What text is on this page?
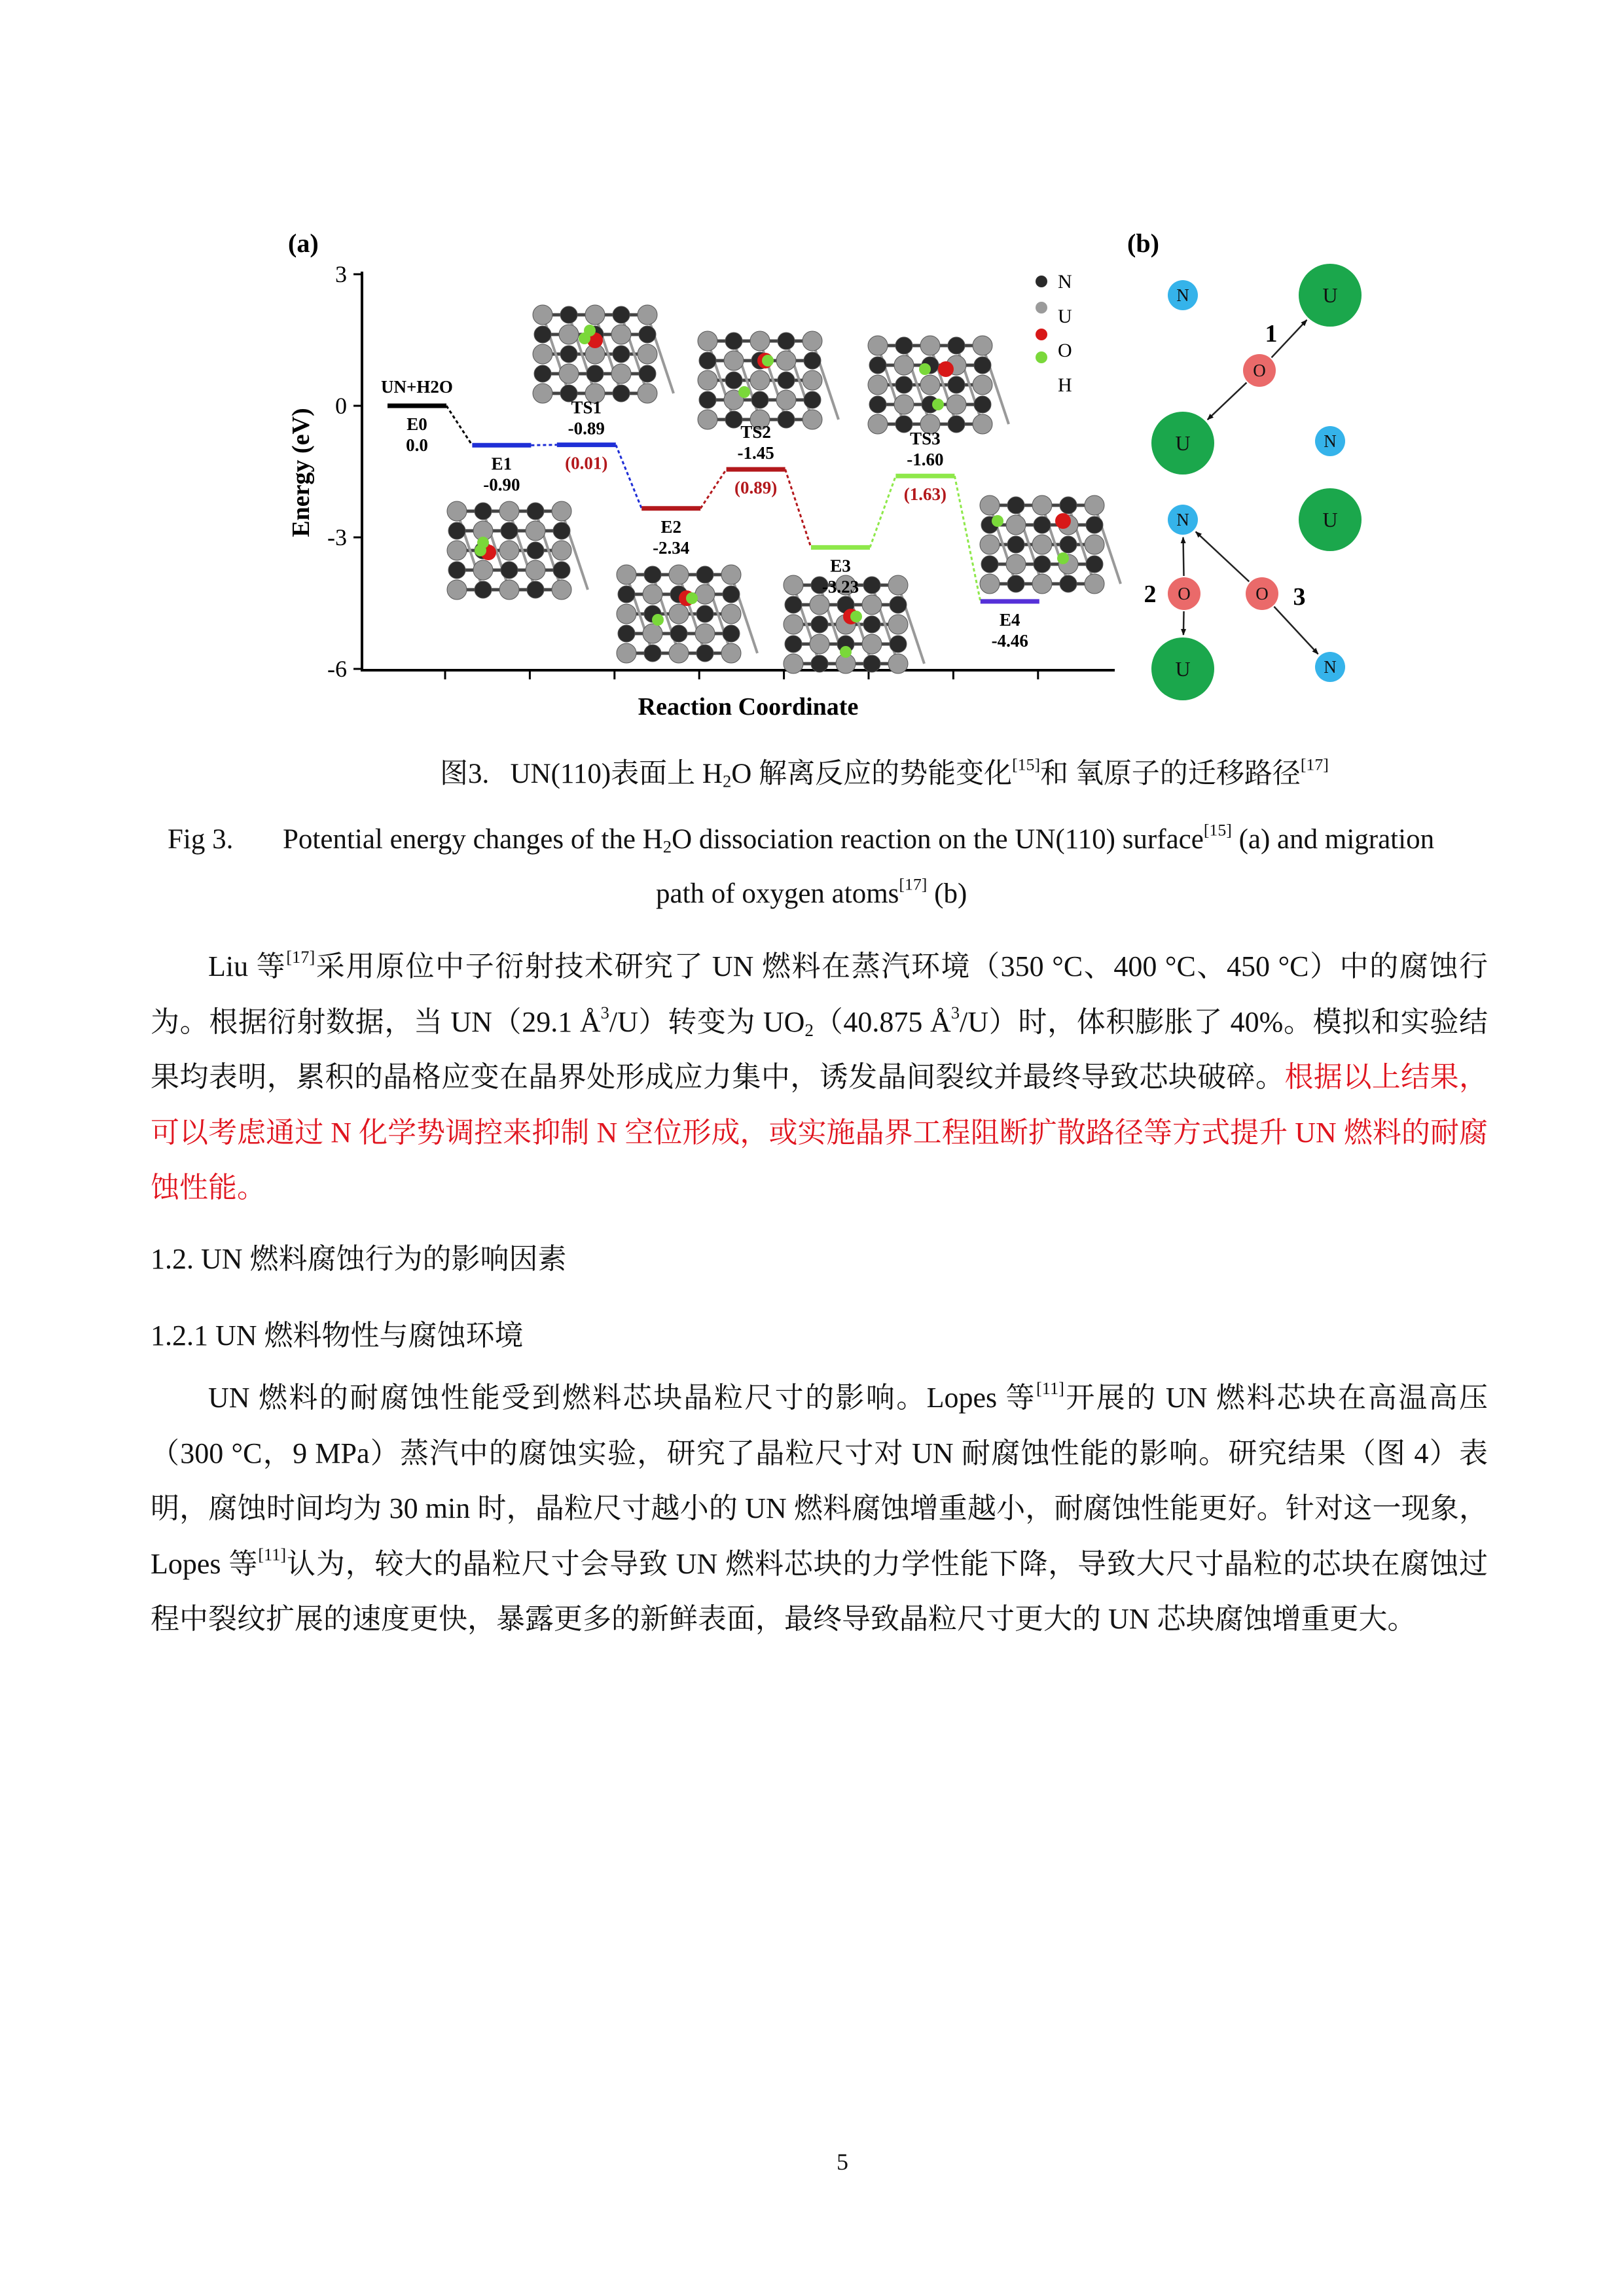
(a)
3
0
-3
-6
Reaction Coordinate
Energy (eV)	E0
0.0
UN+H2O
E1
-0.90
TS1
-0.89
(0.01)
E2
-2.34
TS2
-1.45
(0.89)
E3
-3.23
TS3
-1.60
(1.63)
E4
-4.46
N
U
O
H
(b)
N	U
O
U	N
N	U
O	O
U	N
1
2	3
图3. UN(110)表面上 $H_2O$ 解离反应的势能变化[15]和 氧原子的迁移路径[17]
Fig 3. Potential energy changes of the $H_2O$ dissociation reaction on the UN(110) surface[15] (a) and migration
path of oxygen atoms[17] (b)
Liu 等[17]采用原位中子衍射技术研究了 UN 燃料在蒸汽环境（350 °C、400 °C、450 °C）中的腐蚀行为。根据衍射数据，当 UN（29.1 $Å^3/U$）转变为 $UO_2(40.875$ $Å^3/U$）时，体积膨胀了 40%。模拟和实验结果均表明，累积的晶格应变在晶界处形成应力集中，诱发晶间裂纹并最终导致芯块破碎。根据以上结果，可以考虑通过 N 化学势调控来抑制 N 空位形成，或实施晶界工程阻断扩散路径等方式提升 UN 燃料的耐腐蚀性能。
1.2. UN 燃料腐蚀行为的影响因素
1.2.1 UN 燃料物性与腐蚀环境
UN 燃料的耐腐蚀性能受到燃料芯块晶粒尺寸的影响。Lopes 等[11]开展的 UN 燃料芯块在高温高压（300 °C，9 MPa）蒸汽中的腐蚀实验，研究了晶粒尺寸对 UN 耐腐蚀性能的影响。研究结果（图 4）表明，腐蚀时间均为 30 min 时，晶粒尺寸越小的 UN 燃料腐蚀增重越小，耐腐蚀性能更好。针对这一现象，Lopes 等[11]认为，较大的晶粒尺寸会导致 UN 燃料芯块的力学性能下降，导致大尺寸晶粒的芯块在腐蚀过程中裂纹扩展的速度更快，暴露更多的新鲜表面，最终导致晶粒尺寸更大的 UN 芯块腐蚀增重更大。
5
